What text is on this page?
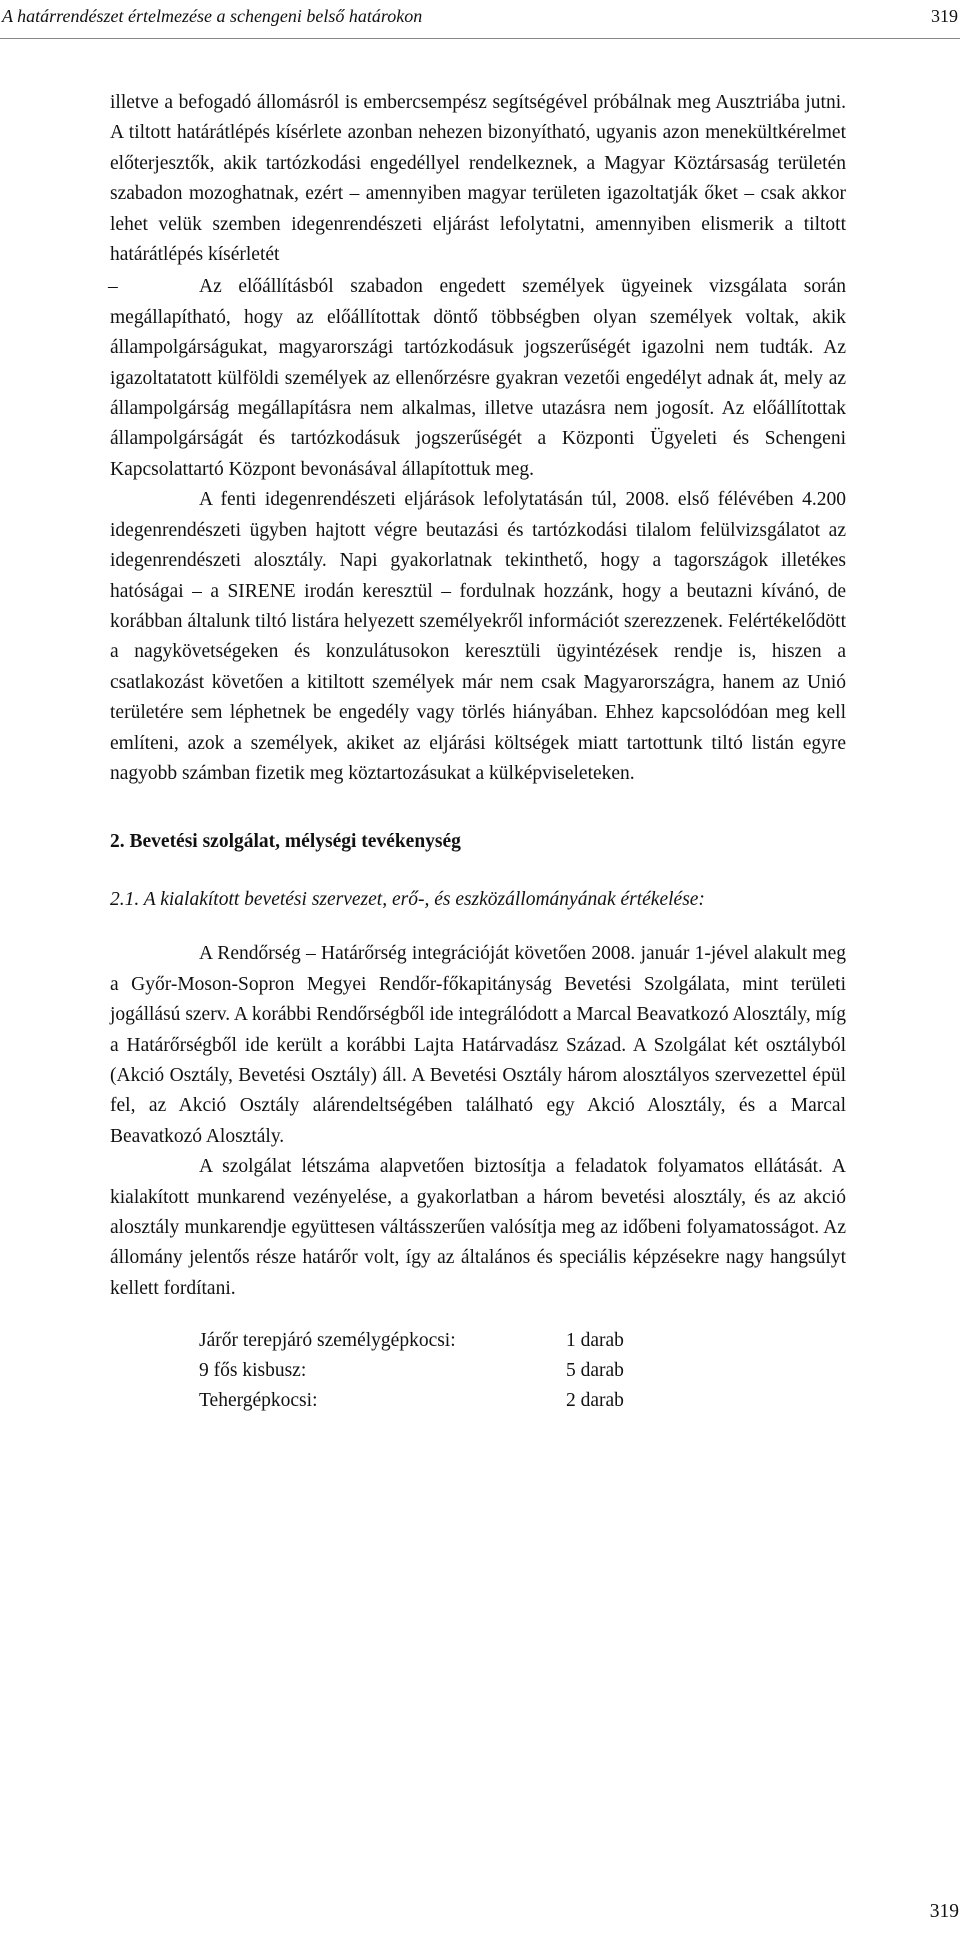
A határrendészet értelmezése a schengeni belső határokon	319

illetve a befogadó állomásról is embercsempész segítségével próbálnak meg Ausztriába jutni. A tiltott határátlépés kísérlete azonban nehezen bizonyítható, ugyanis azon menekültkérelmet előterjesztők, akik tartózkodási engedéllyel rendelkeznek, a Magyar Köztársaság területén szabadon mozoghatnak, ezért – amennyiben magyar területen igazoltatják őket – csak akkor lehet velük szemben idegenrendészeti eljárást lefolytatni, amennyiben elismerik a tiltott határátlépés kísérletét

–	Az előállításból szabadon engedett személyek ügyeinek vizsgálata során megállapítható, hogy az előállítottak döntő többségben olyan személyek voltak, akik állampolgárságukat, magyarországi tartózkodásuk jogszerűségét igazolni nem tudták. Az igazoltatatott külföldi személyek az ellenőrzésre gyakran vezetői engedélyt adnak át, mely az állampolgárság megállapításra nem alkalmas, illetve utazásra nem jogosít. Az előállítottak állampolgárságát és tartózkodásuk jogszerűségét a Központi Ügyeleti és Schengeni Kapcsolattartó Központ bevonásával állapítottuk meg.

A fenti idegenrendészeti eljárások lefolytatásán túl, 2008. első félévében 4.200 idegenrendészeti ügyben hajtott végre beutazási és tartózkodási tilalom felülvizsgálatot az idegenrendészeti alosztály. Napi gyakorlatnak tekinthető, hogy a tagországok illetékes hatóságai – a SIRENE irodán keresztül – fordulnak hozzánk, hogy a beutazni kívánó, de korábban általunk tiltó listára helyezett személyekről információt szerezzenek. Felértékelődött a nagykövetségeken és konzulátusokon keresztüli ügyintézések rendje is, hiszen a csatlakozást követően a kitiltott személyek már nem csak Magyarországra, hanem az Unió területére sem léphetnek be engedély vagy törlés hiányában. Ehhez kapcsolódóan meg kell említeni, azok a személyek, akiket az eljárási költségek miatt tartottunk tiltó listán egyre nagyobb számban fizetik meg köztartozásukat a külképviseleteken.

2. Bevetési szolgálat, mélységi tevékenység

2.1. A kialakított bevetési szervezet, erő-, és eszközállományának értékelése:

A Rendőrség – Határőrség integrációját követően 2008. január 1-jével alakult meg a Győr-Moson-Sopron Megyei Rendőr-főkapitányság Bevetési Szolgálata, mint területi jogállású szerv. A korábbi Rendőrségből ide integrálódott a Marcal Beavatkozó Alosztály, míg a Határőrségből ide került a korábbi Lajta Határvadász Század. A Szolgálat két osztályból (Akció Osztály, Bevetési Osztály) áll. A Bevetési Osztály három alosztályos szervezettel épül fel, az Akció Osztály alárendeltségében található egy Akció Alosztály, és a Marcal Beavatkozó Alosztály.

A szolgálat létszáma alapvetően biztosítja a feladatok folyamatos ellátását. A kialakított munkarend vezényelése, a gyakorlatban a három bevetési alosztály, és az akció alosztály munkarendje együttesen váltásszerűen valósítja meg az időbeni folyamatosságot. Az állomány jelentős része határőr volt, így az általános és speciális képzésekre nagy hangsúlyt kellett fordítani.

Járőr terepjáró személygépkocsi:	1 darab
9 fős kisbusz:	5 darab
Tehergépkocsi:	2 darab
319
